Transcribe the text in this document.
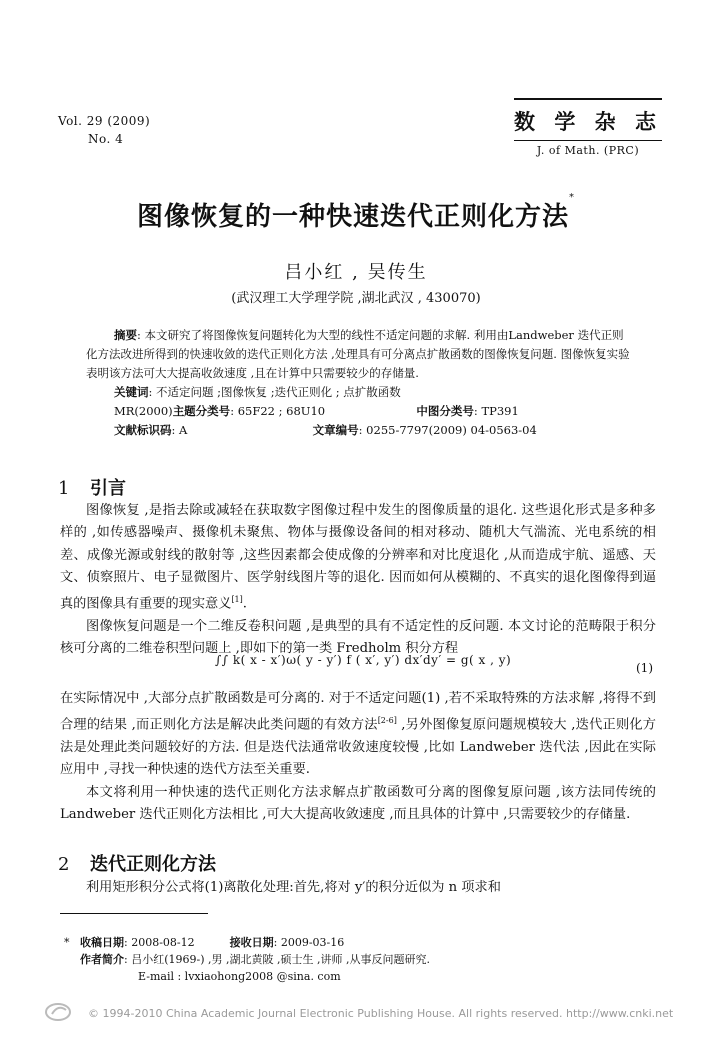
Vol. 29 (2009)
No. 4
数 学 杂 志
J. of Math. (PRC)
图像恢复的一种快速迭代正则化方法*
吕小红 , 吴传生
(武汉理工大学理学院 ,湖北武汉 , 430070)

摘要: 本文研究了将图像恢复问题转化为大型的线性不适定问题的求解. 利用由Landweber 迭代正则化方法改进所得到的快速收敛的迭代正则化方法 ,处理具有可分离点扩散函数的图像恢复问题. 图像恢复实验表明该方法可大大提高收敛速度 ,且在计算中只需要较少的存储量.

关键词: 不适定问题 ;图像恢复 ;迭代正则化 ; 点扩散函数

MR(2000)主题分类号: 65F22 ; 68U10	中图分类号: TP391

文献标识码: A	文章编号: 0255-7797(2009) 04-0563-04

1 引言

图像恢复 ,是指去除或减轻在获取数字图像过程中发生的图像质量的退化. 这些退化形式是多种多样的 ,如传感器噪声、摄像机未聚焦、物体与摄像设备间的相对移动、随机大气湍流、光电系统的相差、成像光源或射线的散射等 ,这些因素都会使成像的分辨率和对比度退化 ,从而造成宇航、遥感、天文、侦察照片、电子显微图片、医学射线图片等的退化. 因而如何从模糊的、不真实的退化图像得到逼真的图像具有重要的现实意义[1].

图像恢复问题是一个二维反卷积问题 ,是典型的具有不适定性的反问题. 本文讨论的范畴限于积分核可分离的二维卷积型问题上 ,即如下的第一类 Fredholm 积分方程

∫∫ k( x - x′)ω( y - y′) f ( x′, y′) dx′dy′ = g( x , y)
(1)

在实际情况中 ,大部分点扩散函数是可分离的. 对于不适定问题(1) ,若不采取特殊的方法求解 ,将得不到合理的结果 ,而正则化方法是解决此类问题的有效方法[2-6] ,另外图像复原问题规模较大 ,迭代正则化方法是处理此类问题较好的方法. 但是迭代法通常收敛速度较慢 ,比如 Landweber 迭代法 ,因此在实际应用中 ,寻找一种快速的迭代方法至关重要.

本文将利用一种快速的迭代正则化方法求解点扩散函数可分离的图像复原问题 ,该方法同传统的 Landweber 迭代正则化方法相比 ,可大大提高收敛速度 ,而且具体的计算中 ,只需要较少的存储量.

2 迭代正则化方法

利用矩形积分公式将(1)离散化处理:首先,将对 y′的积分近似为 n 项求和

* 收稿日期: 2008-08-12	接收日期: 2009-03-16
作者简介: 吕小红(1969-) ,男 ,湖北黄陂 ,硕士生 ,讲师 ,从事反问题研究.
E-mail : lvxiaohong2008 @sina. com
© 1994-2010 China Academic Journal Electronic Publishing House. All rights reserved. http://www.cnki.net
